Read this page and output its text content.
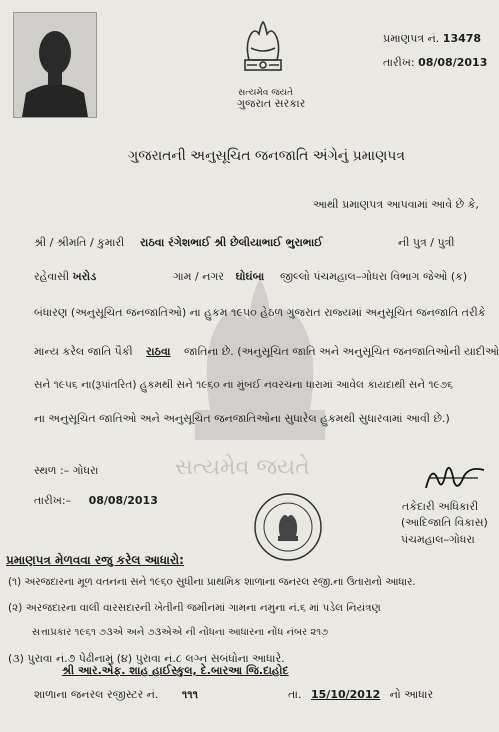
સત્યમેવ જયતે
ગુજરાત સરકાર
પ્રમાણપત્ર નં. 13478
તારીખ: 08/08/2013
સત્યમેવ જયતે
ગુજરાતની અનુસૂચિત જનજાતિ અંગેનું પ્રમાણપત્ર
આથી પ્રમાણપત્ર આપવામાં આવે છે કે,
શ્રી / શ્રીમતિ / કુમારી રાઠવા રંગેશભાઈ શ્રી છેલીયાભાઈ ભુરાભાઈ	ની પુત્ર / પુત્રી
રહેવાસી ખરોડ	ગામ / નગર ઘોઘંબા જીલ્લો પંચમહાલ–ગોધરા વિભાગ જેઓ (ક)
બંધારણ (અનુસૂચિત જનજાતિઓ) ના હુકમ ૧૯૫૦ હેઠળ ગુજરાત રાજ્યમાં અનુસૂચિત જનજાતિ તરીકે
માન્ય કરેલ જાતિ પૈકી રાઠવા જાતિના છે. (અનુસૂચિત જાતિ અને અનુસૂચિત જનજાતિઓની યાદીઓ
સને ૧૯૫૬ ના(રૂપાંતરિત) હુકમથી સને ૧૯૬૦ ના મુંબઈ નવરચના ધારામાં આવેલ કાયદાથી સને ૧૯૭૬
ના અનુસૂચિત જાતિઓ અને અનુસૂચિત જનજાતિઓના સુધારેલ હુકમથી સુધારવામાં આવી છે.)
સ્થળ :– ગોધરા
તારીખ:– 08/08/2013	તકેદારી અધિકારી
(આદિજાતિ વિકાસ)
પંચમહાલ–ગોધરા
પ્રમાણપત્ર મેળવવા રજુ કરેલ આધારો:
(૧) અરજદારના મૂળ વતનના સને ૧૯૬૦ સુધીના પ્રાથમિક શાળાના જનરલ રજી.ના ઉતારાનો આધાર.
(૨) અરજદારના વાલી વારસદારની ખેતીની જમીનમાં ગામના નમુના નં.૬ માં પડેલ નિયંત્રણ
સત્તાપ્રકાર ૧૯૬૧ ૭૩એ અને ૭૩એએ ની નોંધના આધારના નોંધ નંબર ૨૧૭
(૩) પુરાવા નં.૭ પેઢીનામું (૪) પુરાવા નં.૮ લગ્ન સબંધોના આધારે.
શ્રી આર.એફ. શાહ હાઈસ્કુલ, દે.બારઆ જિ.દાહોદ
શાળાના જનરલ રજીસ્ટર નં. ૧૧૧	તા. 15/10/2012 નો આધાર
